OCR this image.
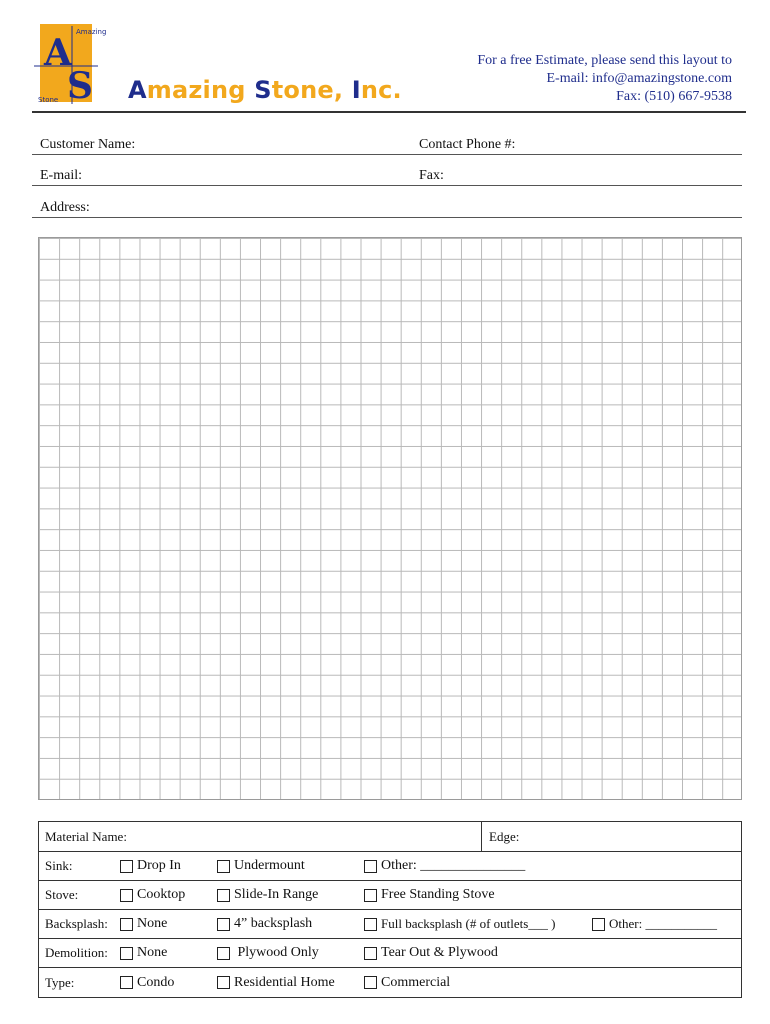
A
S
Amazing
Stone	Amazing Stone, Inc.
For a free Estimate, please send this layout to
E-mail: info@amazingstone.com
Fax: (510) 667-9538
Customer Name:	Contact Phone #:
E-mail:	Fax:
Address:
Material Name:	Edge:
Sink:	Drop In	Undermount	Other: _______________
Stove:	Cooktop	Slide-In Range	Free Standing Stove
Backsplash: None	4” backsplash	Full backsplash (# of outlets___ )	Other: ___________
Demolition: None	Plywood Only	Tear Out & Plywood
Type:	Condo	Residential Home	Commercial
